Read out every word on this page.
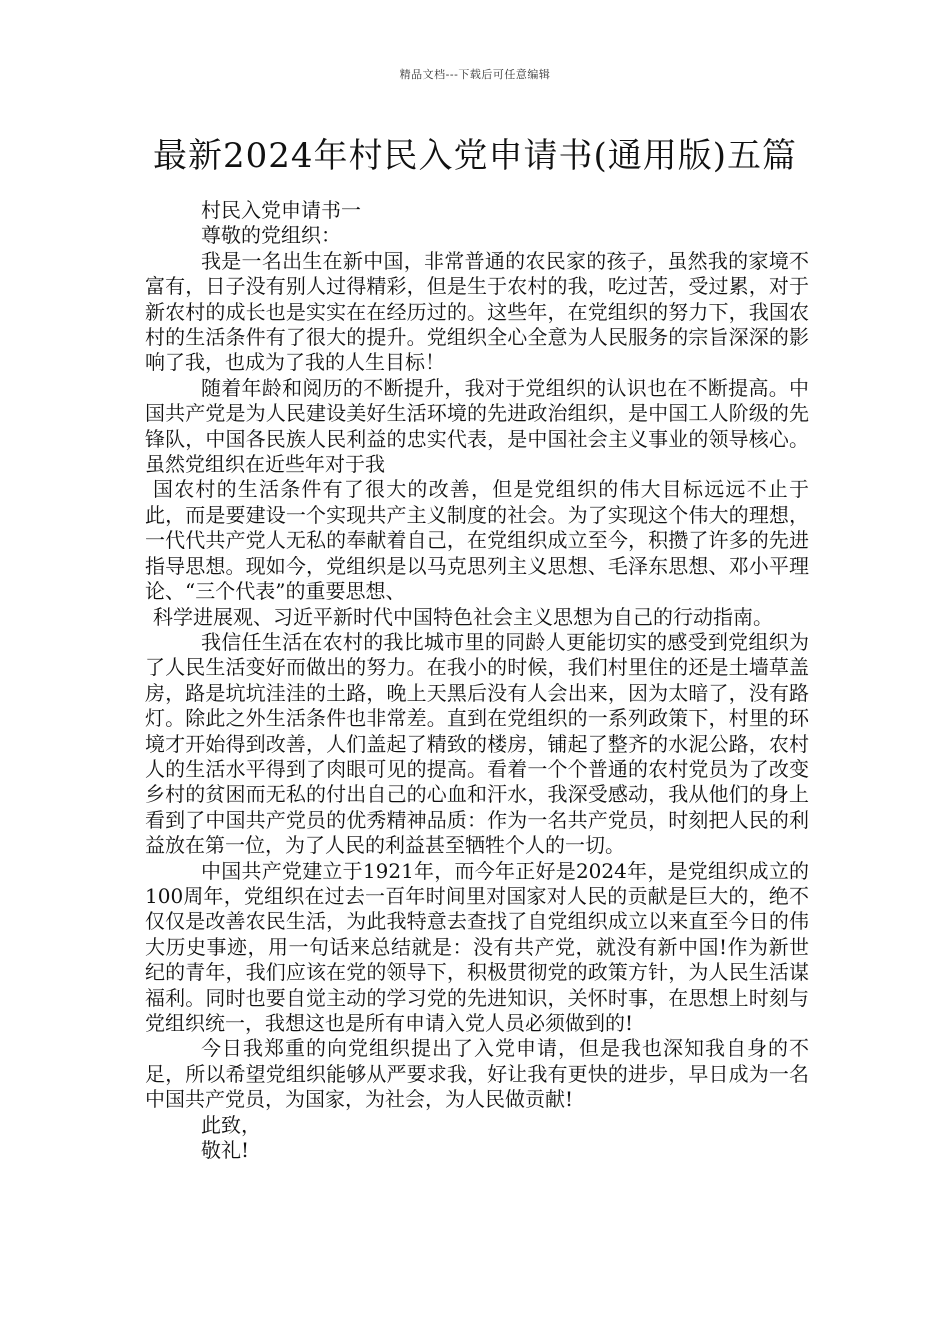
精品文档---下载后可任意编辑
最新2024年村民入党申请书(通用版)五篇

村民入党申请书一

尊敬的党组织：

我是一名出生在新中国，非常普通的农民家的孩子，虽然我的家境不富有，日子没有别人过得精彩，但是生于农村的我，吃过苦，受过累，对于新农村的成长也是实实在在经历过的。这些年，在党组织的努力下，我国农村的生活条件有了很大的提升。党组织全心全意为人民服务的宗旨深深的影响了我，也成为了我的人生目标！

随着年龄和阅历的不断提升，我对于党组织的认识也在不断提高。中国共产党是为人民建设美好生活环境的先进政治组织，是中国工人阶级的先锋队，中国各民族人民利益的忠实代表，是中国社会主义事业的领导核心。虽然党组织在近些年对于我

国农村的生活条件有了很大的改善，但是党组织的伟大目标远远不止于此，而是要建设一个实现共产主义制度的社会。为了实现这个伟大的理想，一代代共产党人无私的奉献着自己，在党组织成立至今，积攒了许多的先进指导思想。现如今，党组织是以马克思列主义思想、毛泽东思想、邓小平理论、“三个代表”的重要思想、

科学进展观、习近平新时代中国特色社会主义思想为自己的行动指南。

我信任生活在农村的我比城市里的同龄人更能切实的感受到党组织为了人民生活变好而做出的努力。在我小的时候，我们村里住的还是土墙草盖房，路是坑坑洼洼的土路，晚上天黑后没有人会出来，因为太暗了，没有路灯。除此之外生活条件也非常差。直到在党组织的一系列政策下，村里的环境才开始得到改善，人们盖起了精致的楼房，铺起了整齐的水泥公路，农村人的生活水平得到了肉眼可见的提高。看着一个个普通的农村党员为了改变乡村的贫困而无私的付出自己的心血和汗水，我深受感动，我从他们的身上看到了中国共产党员的优秀精神品质：作为一名共产党员，时刻把人民的利益放在第一位，为了人民的利益甚至牺牲个人的一切。

中国共产党建立于1921年，而今年正好是2024年，是党组织成立的100周年，党组织在过去一百年时间里对国家对人民的贡献是巨大的，绝不仅仅是改善农民生活，为此我特意去查找了自党组织成立以来直至今日的伟大历史事迹，用一句话来总结就是：没有共产党，就没有新中国!作为新世纪的青年，我们应该在党的领导下，积极贯彻党的政策方针，为人民生活谋福利。同时也要自觉主动的学习党的先进知识，关怀时事，在思想上时刻与党组织统一，我想这也是所有申请入党人员必须做到的!

今日我郑重的向党组织提出了入党申请，但是我也深知我自身的不足，所以希望党组织能够从严要求我，好让我有更快的进步，早日成为一名中国共产党员，为国家，为社会，为人民做贡献!

此致，

敬礼!
